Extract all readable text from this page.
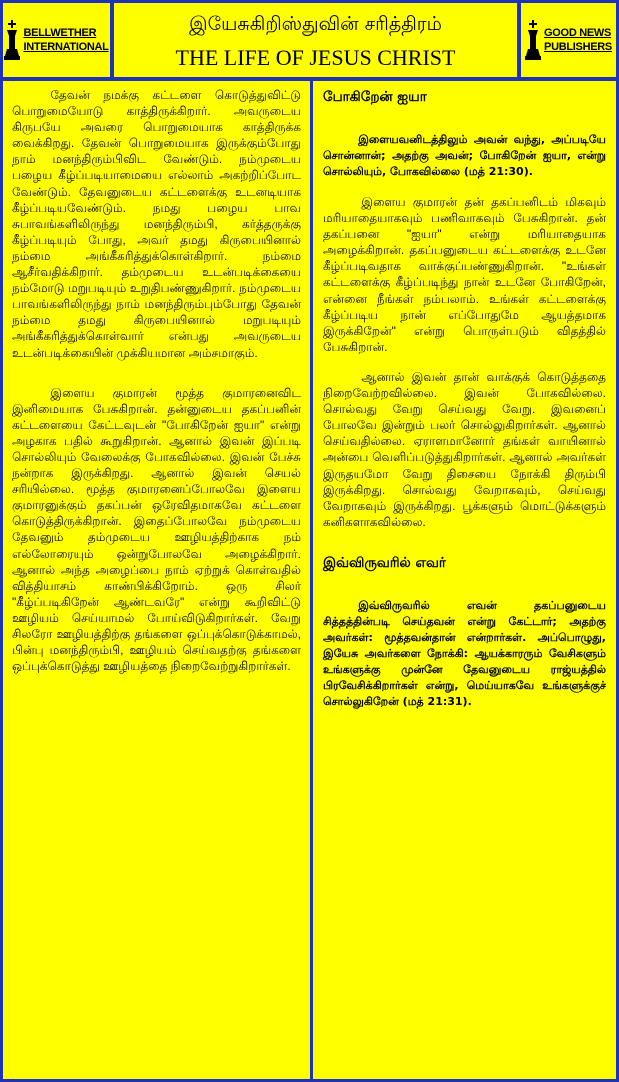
BELLWETHER
INTERNATIONAL
இயேசுகிறிஸ்துவின் சரித்திரம்
THE LIFE OF JESUS CHRIST
GOOD NEWS
PUBLISHERS

தேவன் நமக்கு கட்டளை கொடுத்துவிட்டு பொறுமையோடு காத்திருக்கிறார். அவருடைய கிருபயே அவரை பொறுமையாக காத்திருக்க வைக்கிறது. தேவன் பொறுமையாக இருக்கும்போது நாம் மனந்திரும்பிவிட வேண்டும். நம்முடைய பழைய கீழ்ப்படியாமையை எல்லாம் அகற்றிப்போட வேண்டும். தேவனுடைய கட்டளைக்கு உடனடியாக கீழ்ப்படியவேண்டும். நமது பழைய பாவ சுபாவங்களிலிருந்து மனந்திரும்பி, கர்த்தருக்கு கீழ்ப்படியும் போது, அவர் தமது கிருபையினால் நம்மை அங்கீகரித்துக்கொள்கிறார். நம்மை ஆசீர்வதிக்கிறார். தம்முடைய உடன்படிக்கையை நம்மோடு மறுபடியும் உறுதிபண்ணுகிறார். நம்முடைய பாவங்களிலிருந்து நாம் மனந்திரும்பும்போது தேவன் நம்மை தமது கிருபையினால் மறுபடியும் அங்கீகரித்துக்கொள்வார் என்பது அவருடைய உடன்படிக்கையின் முக்கியமான அம்சமாகும்.

இளைய குமாரன் மூத்த குமாரனைவிட இனிமையாக பேசுகிறான். தன்னுடைய தகப்பனின் கட்டளையை கேட்டவுடன் "போகிறேன் ஐயா" என்று அழகாக பதில் கூறுகிறான். ஆனால் இவன் இப்படி சொல்லியும் வேலைக்கு போகவில்லை. இவன் பேச்சு நன்றாக இருக்கிறது. ஆனால் இவன் செயல் சரியில்லை. மூத்த குமாரனைப்போலவே இளைய குமாரனுக்கும் தகப்பன் ஒரேவிதமாகவே கட்டளை கொடுத்திருக்கிறான். இதைப்போலவே நம்முடைய தேவனும் தம்முடைய ஊழியத்திற்காக நம் எல்லோரையும் ஒன்றுபோலவே அழைக்கிறார். ஆனால் அந்த அழைப்பை நாம் ஏற்றுக் கொள்வதில் வித்தியாசம் காண்பிக்கிறோம். ஒரு சிலர் "கீழ்ப்படிகிறேன் ஆண்டவரே" என்று கூறிவிட்டு ஊழியம் செய்யாமல் போய்விடுகிறார்கள். வேறு சிலரோ ஊழியத்திற்கு தங்களை ஒப்புக்கொடுக்காமல், பின்பு மனந்திரும்பி, ஊழியம் செய்வதற்கு தங்களை ஒப்புக்கொடுத்து ஊழியத்தை நிறைவேற்றுகிறார்கள்.

போகிறேன் ஐயா

இளையவனிடத்திலும் அவன் வந்து, அப்படியே சொன்னான்; அதற்கு அவன்; போகிறேன் ஐயா, என்று சொல்லியும், போகவில்லை (மத் 21:30).

இளைய குமாரன் தன் தகப்பனிடம் மிகவும் மரியாதையாகவும் பணிவாகவும் பேசுகிறான். தன் தகப்பனை "ஐயா" என்று மரியாதையாக அழைக்கிறான். தகப்பனுடைய கட்டளைக்கு உடனே கீழ்ப்படிவதாக வாக்குப்பண்ணுகிறான். "உங்கள் கட்டளைக்கு கீழ்ப்படிந்து நான் உடனே போகிறேன், என்னை நீங்கள் நம்பலாம். உங்கள் கட்டளைக்கு கீழ்ப்படிய நான் எப்போதுமே ஆயத்தமாக இருக்கிறேன்" என்று பொருள்படும் விதத்தில் பேசுகிறான்.

ஆனால் இவன் தான் வாக்குக் கொடுத்ததை நிறைவேற்றவில்லை. இவன் போகவில்லை. சொல்வது வேறு செய்வது வேறு. இவனைப் போலவே இன்றும் பலர் சொல்லுகிறார்கள். ஆனால் செய்வதில்லை. ஏராளமானோர் தங்கள் வாயினால் அன்பை வெளிப்படுத்துகிறார்கள். ஆனால் அவர்கள் இருதயமோ வேறு திசையை நோக்கி திரும்பி இருக்கிறது. சொல்வது வேறாகவும், செய்வது வேறாகவும் இருக்கிறது. பூக்களும் மொட்டுக்களும் கனிகளாகவில்லை.

இவ்விருவரில் எவர்

இவ்விருவரில் எவன் தகப்பனுடைய சித்தத்தின்படி செய்தவன் என்று கேட்டார்; அதற்கு அவர்கள்: மூத்தவன்தான் என்றார்கள். அப்பொழுது, இயேசு அவர்களை நோக்கி: ஆயக்காரரும் வேசிகளும் உங்களுக்கு முன்னே தேவனுடைய ராஜ்யத்தில் பிரவேசிக்கிறார்கள் என்று, மெய்யாகவே உங்களுக்குச் சொல்லுகிறேன் (மத் 21:31).
